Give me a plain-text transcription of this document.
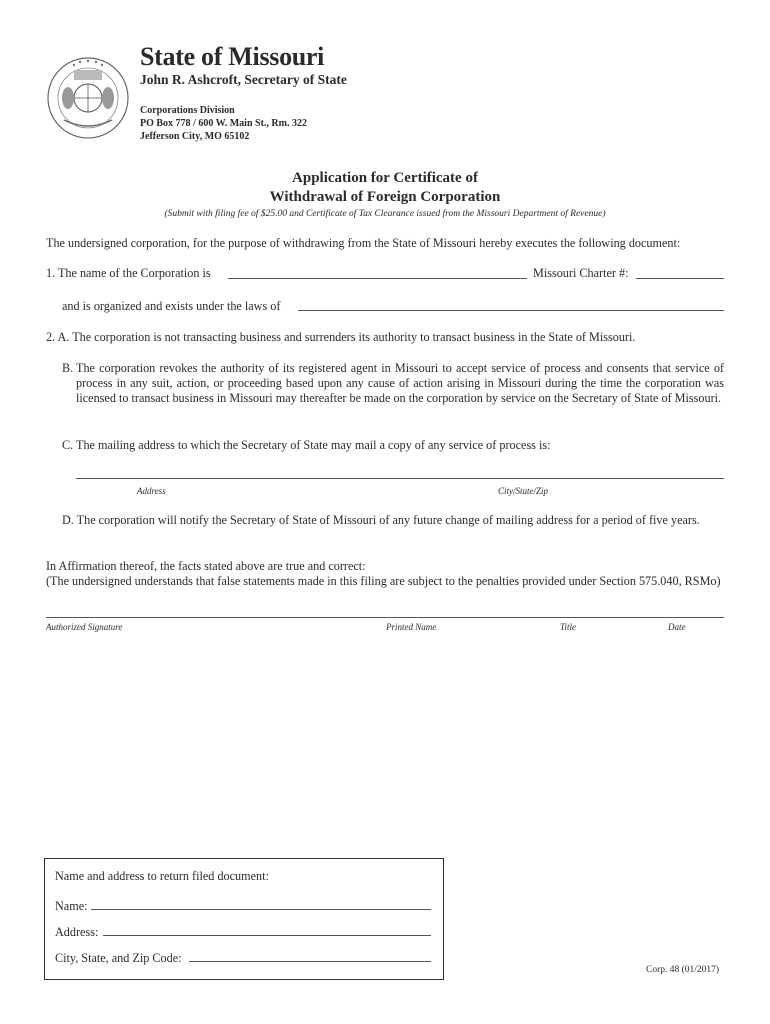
State of Missouri
John R. Ashcroft, Secretary of State
Corporations Division
PO Box 778 / 600 W. Main St., Rm. 322
Jefferson City, MO 65102
Application for Certificate of
Withdrawal of Foreign Corporation
(Submit with filing fee of $25.00 and Certificate of Tax Clearance issued from the Missouri Department of Revenue)
The undersigned corporation, for the purpose of withdrawing from the State of Missouri hereby executes the following document:
1. The name of the Corporation is	Missouri Charter #:
and is organized and exists under the laws of
2. A. The corporation is not transacting business and surrenders its authority to transact business in the State of Missouri.
B. The corporation revokes the authority of its registered agent in Missouri to accept service of process and consents that service of process in any suit, action, or proceeding based upon any cause of action arising in Missouri during the time the corporation was licensed to transact business in Missouri may thereafter be made on the corporation by service on the Secretary of State of Missouri.
C. The mailing address to which the Secretary of State may mail a copy of any service of process is:
Address	City/State/Zip
D. The corporation will notify the Secretary of State of Missouri of any future change of mailing address for a period of five years.
In Affirmation thereof, the facts stated above are true and correct:
(The undersigned understands that false statements made in this filing are subject to the penalties provided under Section 575.040, RSMo)
Authorized Signature	Printed Name	Title	Date
Name and address to return filed document:
Name:
Address:
City, State, and Zip Code:
Corp. 48 (01/2017)
